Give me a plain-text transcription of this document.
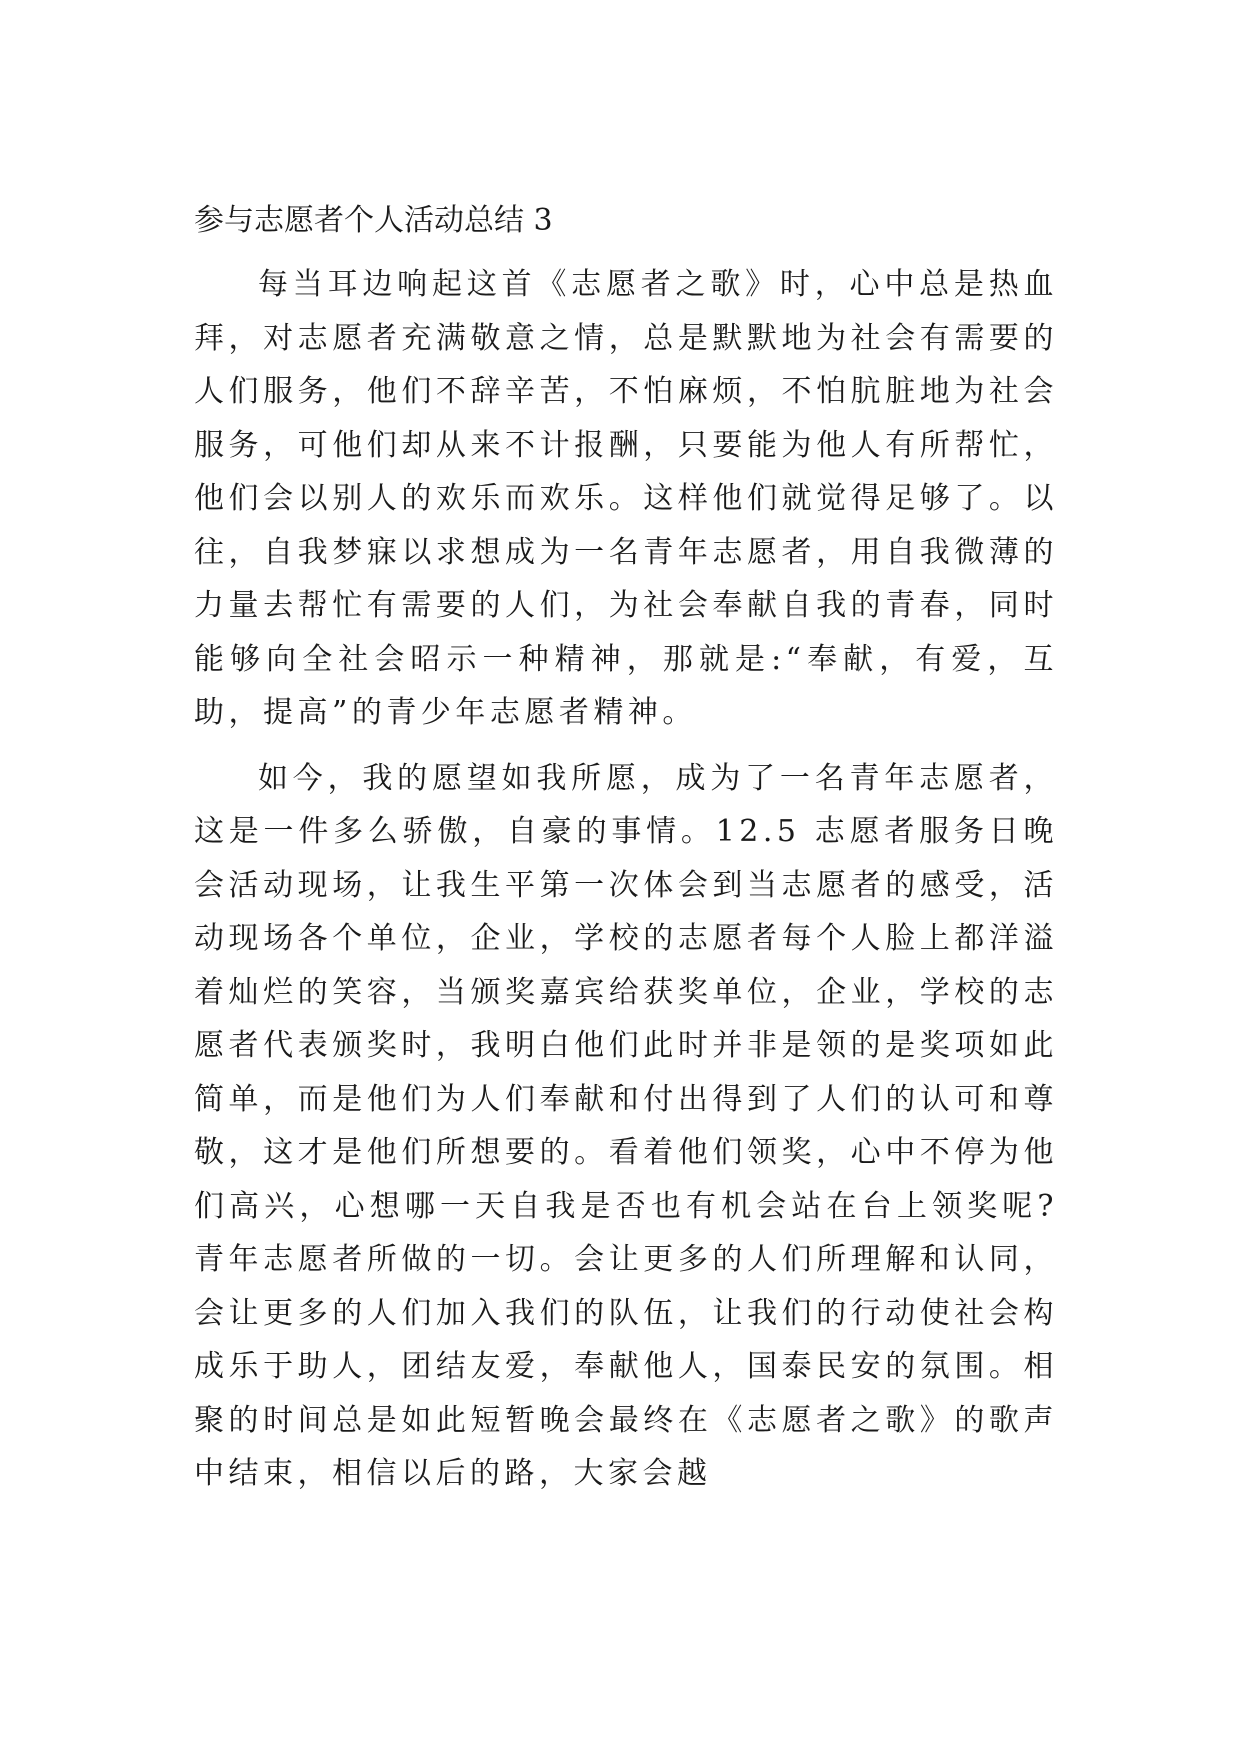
参与志愿者个人活动总结 3

每当耳边响起这首《志愿者之歌》时，心中总是热血拜，对志愿者充满敬意之情，总是默默地为社会有需要的人们服务，他们不辞辛苦，不怕麻烦，不怕肮脏地为社会服务，可他们却从来不计报酬，只要能为他人有所帮忙，他们会以别人的欢乐而欢乐。这样他们就觉得足够了。以往，自我梦寐以求想成为一名青年志愿者，用自我微薄的力量去帮忙有需要的人们，为社会奉献自我的青春，同时能够向全社会昭示一种精神，那就是:“奉献，有爱，互助，提高”的青少年志愿者精神。

如今，我的愿望如我所愿，成为了一名青年志愿者，这是一件多么骄傲，自豪的事情。12.5 志愿者服务日晚会活动现场，让我生平第一次体会到当志愿者的感受，活动现场各个单位，企业，学校的志愿者每个人脸上都洋溢着灿烂的笑容，当颁奖嘉宾给获奖单位，企业，学校的志愿者代表颁奖时，我明白他们此时并非是领的是奖项如此简单，而是他们为人们奉献和付出得到了人们的认可和尊敬，这才是他们所想要的。看着他们领奖，心中不停为他们高兴，心想哪一天自我是否也有机会站在台上领奖呢?青年志愿者所做的一切。会让更多的人们所理解和认同，会让更多的人们加入我们的队伍，让我们的行动使社会构成乐于助人，团结友爱，奉献他人，国泰民安的氛围。相聚的时间总是如此短暂晚会最终在《志愿者之歌》的歌声中结束，相信以后的路，大家会越
